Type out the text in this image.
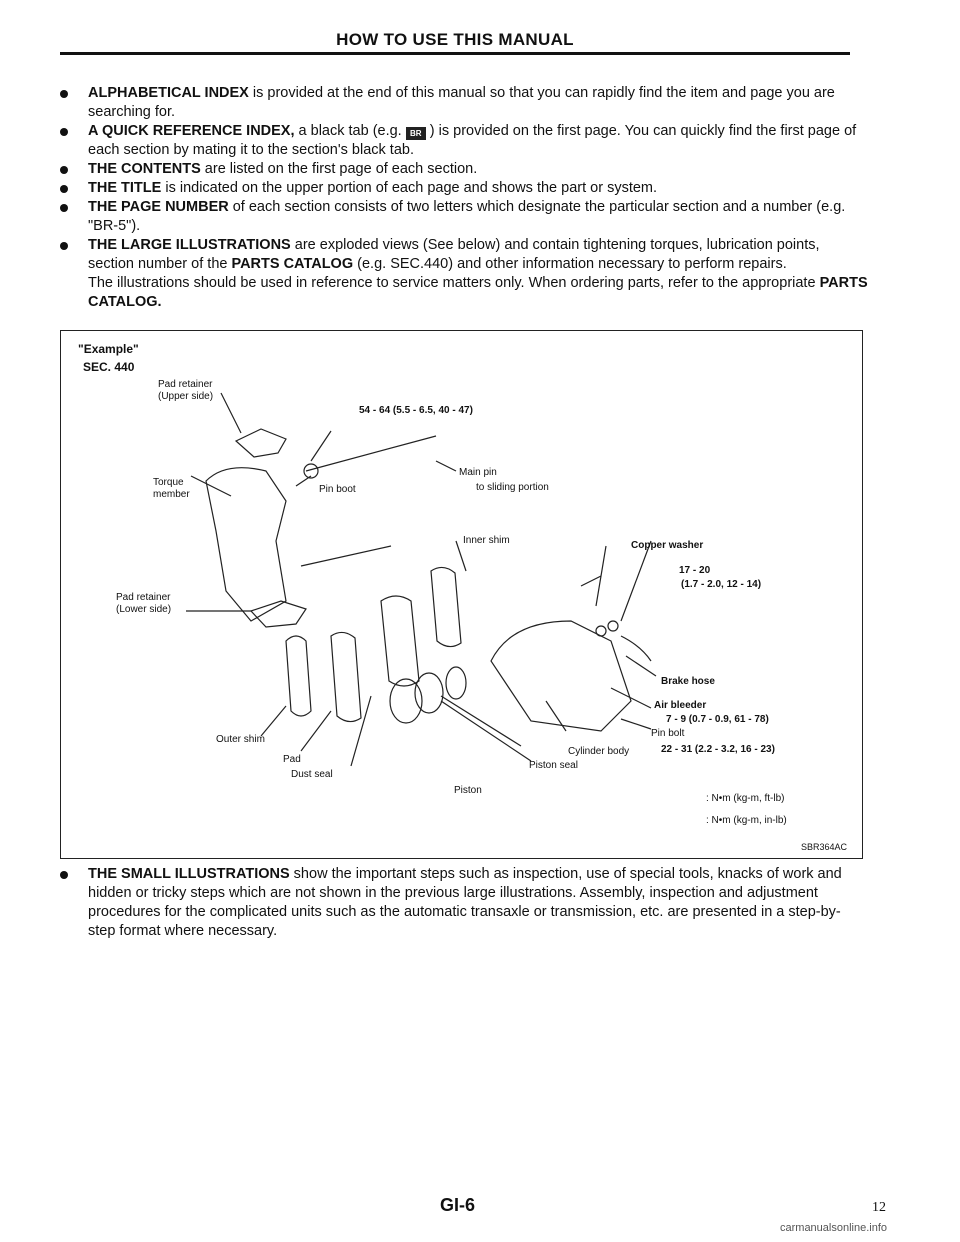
HOW TO USE THIS MANUAL

ALPHABETICAL INDEX is provided at the end of this manual so that you can rapidly find the item and page you are searching for.

A QUICK REFERENCE INDEX, a black tab (e.g. BR ) is provided on the first page. You can quickly find the first page of each section by mating it to the section's black tab.

THE CONTENTS are listed on the first page of each section.

THE TITLE is indicated on the upper portion of each page and shows the part or system.

THE PAGE NUMBER of each section consists of two letters which designate the particular section and a number (e.g. "BR-5").

THE LARGE ILLUSTRATIONS are exploded views (See below) and contain tightening torques, lubrication points, section number of the PARTS CATALOG (e.g. SEC.440) and other information necessary to perform repairs.
The illustrations should be used in reference to service matters only. When ordering parts, refer to the appropriate PARTS CATALOG.

"Example"
SEC. 440
Pad retainer
(Upper side)
54 - 64 (5.5 - 6.5, 40 - 47)
Torque
member
Main pin
to sliding portion
Pin boot
Inner shim	Copper washer
17 - 20
(1.7 - 2.0, 12 - 14)
Pad retainer
(Lower side)
Brake hose
Air bleeder
7 - 9 (0.7 - 0.9, 61 - 78)
Pin bolt
Outer shim
Cylinder body	22 - 31 (2.2 - 3.2, 16 - 23)
Pad
Dust seal
Piston seal
Piston
: N•m (kg-m, ft-lb)
: N•m (kg-m, in-lb)
SBR364AC

THE SMALL ILLUSTRATIONS show the important steps such as inspection, use of special tools, knacks of work and hidden or tricky steps which are not shown in the previous large illustrations. Assembly, inspection and adjustment procedures for the complicated units such as the automatic transaxle or transmission, etc. are presented in a step-by-step format where necessary.

GI-6	12
carmanualsonline.info
